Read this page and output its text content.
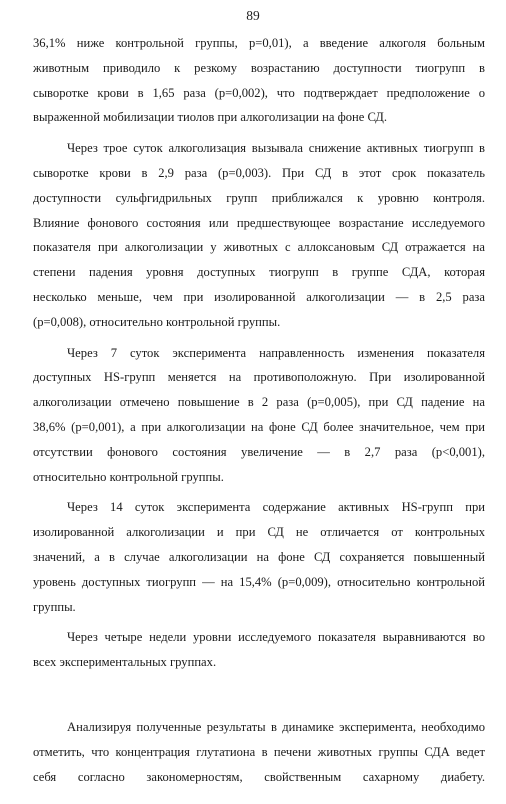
89
36,1% ниже контрольной группы, р=0,01), а введение алкоголя больным
животным приводило к резкому возрастанию доступности тиогрупп в
сыворотке крови в 1,65 раза (р=0,002), что подтверждает предположение о
выраженной мобилизации тиолов при алкоголизации на фоне СД.
Через трое суток алкоголизация вызывала снижение активных тиогрупп в
сыворотке крови в 2,9 раза (р=0,003). При СД в этот срок показатель
доступности сульфгидрильных групп приближался к уровню контроля.
Влияние фонового состояния или предшествующее возрастание исследуемого
показателя при алкоголизации у животных с аллоксановым СД отражается на
степени падения уровня доступных тиогрупп в группе СДА, которая
несколько меньше, чем при изолированной алкоголизации — в 2,5 раза
(р=0,008), относительно контрольной группы.
Через 7 суток эксперимента направленность изменения показателя
доступных HS-групп меняется на противоположную. При изолированной
алкоголизации отмечено повышение в 2 раза (р=0,005), при СД падение на
38,6% (р=0,001), а при алкоголизации на фоне СД более значительное, чем при
отсутствии фонового состояния увеличение — в 2,7 раза (р<0,001),
относительно контрольной группы.
Через 14 суток эксперимента содержание активных HS-групп при
изолированной алкоголизации и при СД не отличается от контрольных
значений, а в случае алкоголизации на фоне СД сохраняется повышенный
уровень доступных тиогрупп — на 15,4% (р=0,009), относительно контрольной
группы.
Через четыре недели уровни исследуемого показателя выравниваются во
всех экспериментальных группах.
Анализируя полученные результаты в динамике эксперимента, необходимо
отметить, что концентрация глутатиона в печени животных группы СДА ведет
себя согласно закономерностям, свойственным сахарному диабету.
